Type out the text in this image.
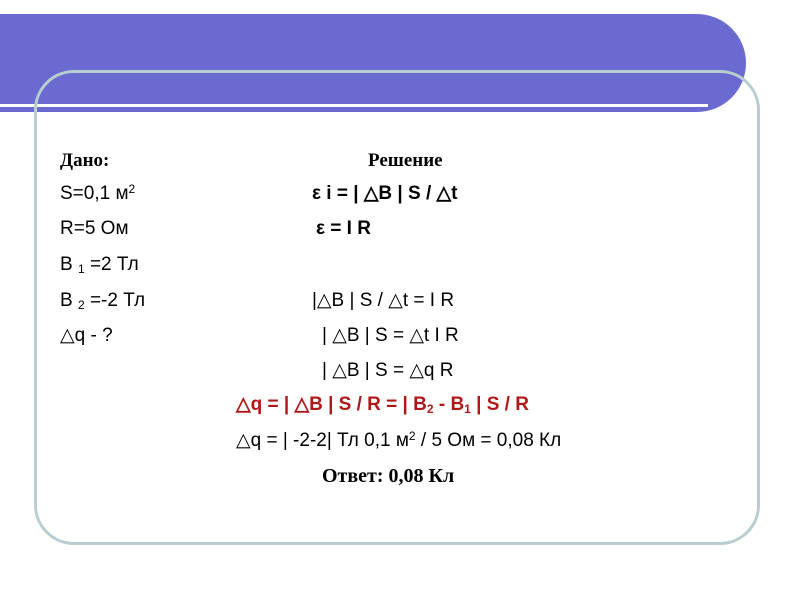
Дано:
S=0,1 $м^2$
R=5 Ом
B 1 =2 Тл
B 2 =-2 Тл
△q - ?
Решение
ε i = | △B | S / △t
ε = I R
|△B | S / △t = I R
| △B | S = △t I R
| △B | S = △q R
△q = | △B | S / R = | B2 - B1 | S / R
△q = | -2-2| Тл 0,1 $м^2 / 5$ Ом = 0,08 Кл
Ответ: 0,08 Кл
